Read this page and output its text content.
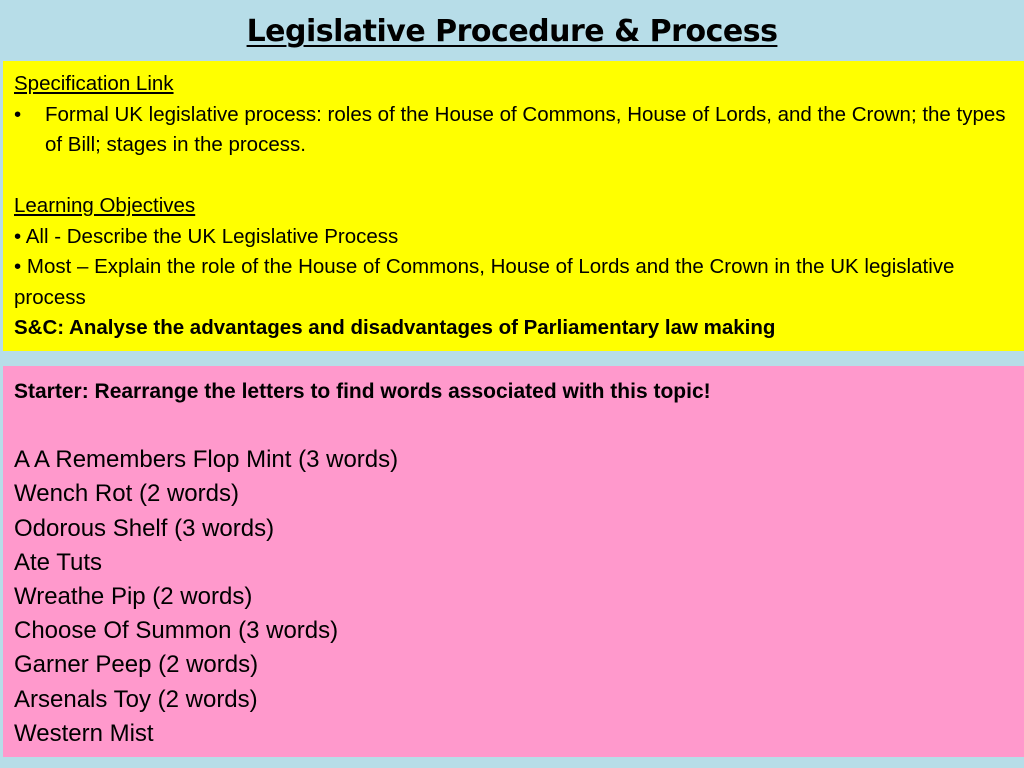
Legislative Procedure & Process
Specification Link
•	Formal UK legislative process: roles of the House of Commons, House of Lords, and the Crown; the types of Bill; stages in the process.
Learning Objectives
• All - Describe the UK Legislative Process
• Most – Explain the role of the House of Commons, House of Lords and the Crown in the UK legislative process
S&C: Analyse the advantages and disadvantages of Parliamentary law making
Starter: Rearrange the letters to find words associated with this topic!
A A Remembers Flop Mint (3 words)
Wench Rot (2 words)
Odorous Shelf (3 words)
Ate Tuts
Wreathe Pip (2 words)
Choose Of Summon (3 words)
Garner Peep (2 words)
Arsenals Toy (2 words)
Western Mist
